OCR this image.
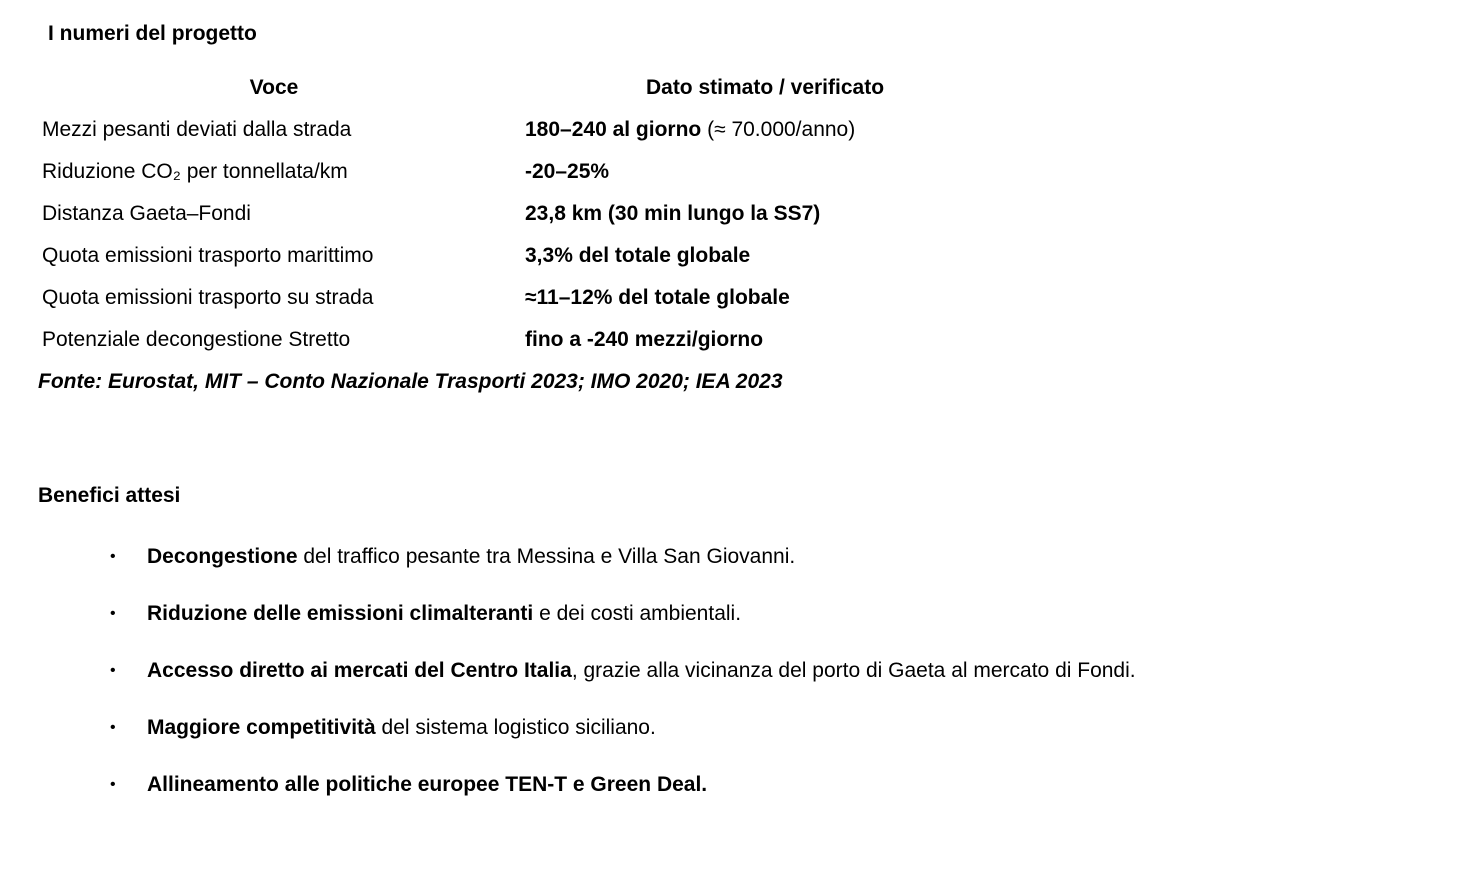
I numeri del progetto
Voce	Dato stimato / verificato
Mezzi pesanti deviati dalla strada	180–240 al giorno (≈ 70.000/anno)
Riduzione CO₂ per tonnellata/km	-20–25%
Distanza Gaeta–Fondi	23,8 km (30 min lungo la SS7)
Quota emissioni trasporto marittimo	3,3% del totale globale
Quota emissioni trasporto su strada	≈11–12% del totale globale
Potenziale decongestione Stretto	fino a -240 mezzi/giorno

Fonte: Eurostat, MIT – Conto Nazionale Trasporti 2023; IMO 2020; IEA 2023

Benefici attesi
• Decongestione del traffico pesante tra Messina e Villa San Giovanni.
• Riduzione delle emissioni climalteranti e dei costi ambientali.
• Accesso diretto ai mercati del Centro Italia, grazie alla vicinanza del porto di Gaeta al mercato di Fondi.
• Maggiore competitività del sistema logistico siciliano.
• Allineamento alle politiche europee TEN-T e Green Deal.
